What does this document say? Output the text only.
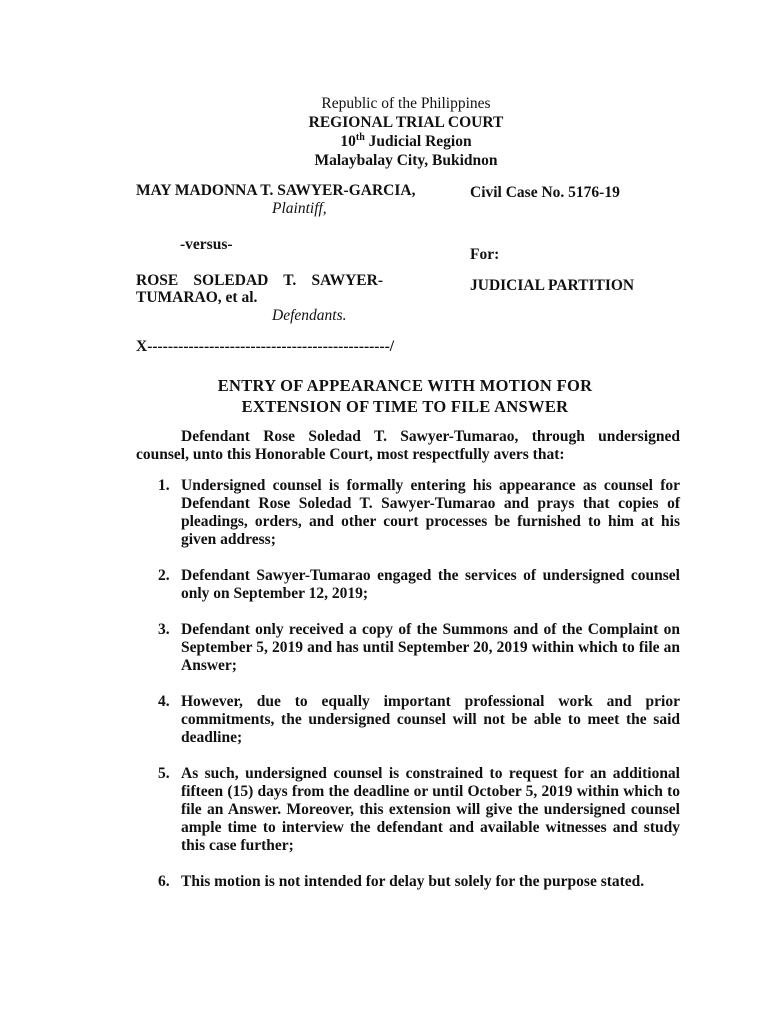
Republic of the Philippines
REGIONAL TRIAL COURT
10th Judicial Region
Malaybalay City, Bukidnon
MAY MADONNA T. SAWYER-GARCIA,
Plaintiff,
Civil Case No. 5176-19
-versus-
For:
ROSE SOLEDAD T. SAWYER-
TUMARAO, et al.
Defendants.
JUDICIAL PARTITION
X-----------------------------------------------/
ENTRY OF APPEARANCE WITH MOTION FOR
EXTENSION OF TIME TO FILE ANSWER
Defendant Rose Soledad T. Sawyer-Tumarao, through undersigned counsel, unto this Honorable Court, most respectfully avers that:
1. Undersigned counsel is formally entering his appearance as counsel for Defendant Rose Soledad T. Sawyer-Tumarao and prays that copies of pleadings, orders, and other court processes be furnished to him at his given address;
2. Defendant Sawyer-Tumarao engaged the services of undersigned counsel only on September 12, 2019;
3. Defendant only received a copy of the Summons and of the Complaint on September 5, 2019 and has until September 20, 2019 within which to file an Answer;
4. However, due to equally important professional work and prior commitments, the undersigned counsel will not be able to meet the said deadline;
5. As such, undersigned counsel is constrained to request for an additional fifteen (15) days from the deadline or until October 5, 2019 within which to file an Answer. Moreover, this extension will give the undersigned counsel ample time to interview the defendant and available witnesses and study this case further;
6. This motion is not intended for delay but solely for the purpose stated.
